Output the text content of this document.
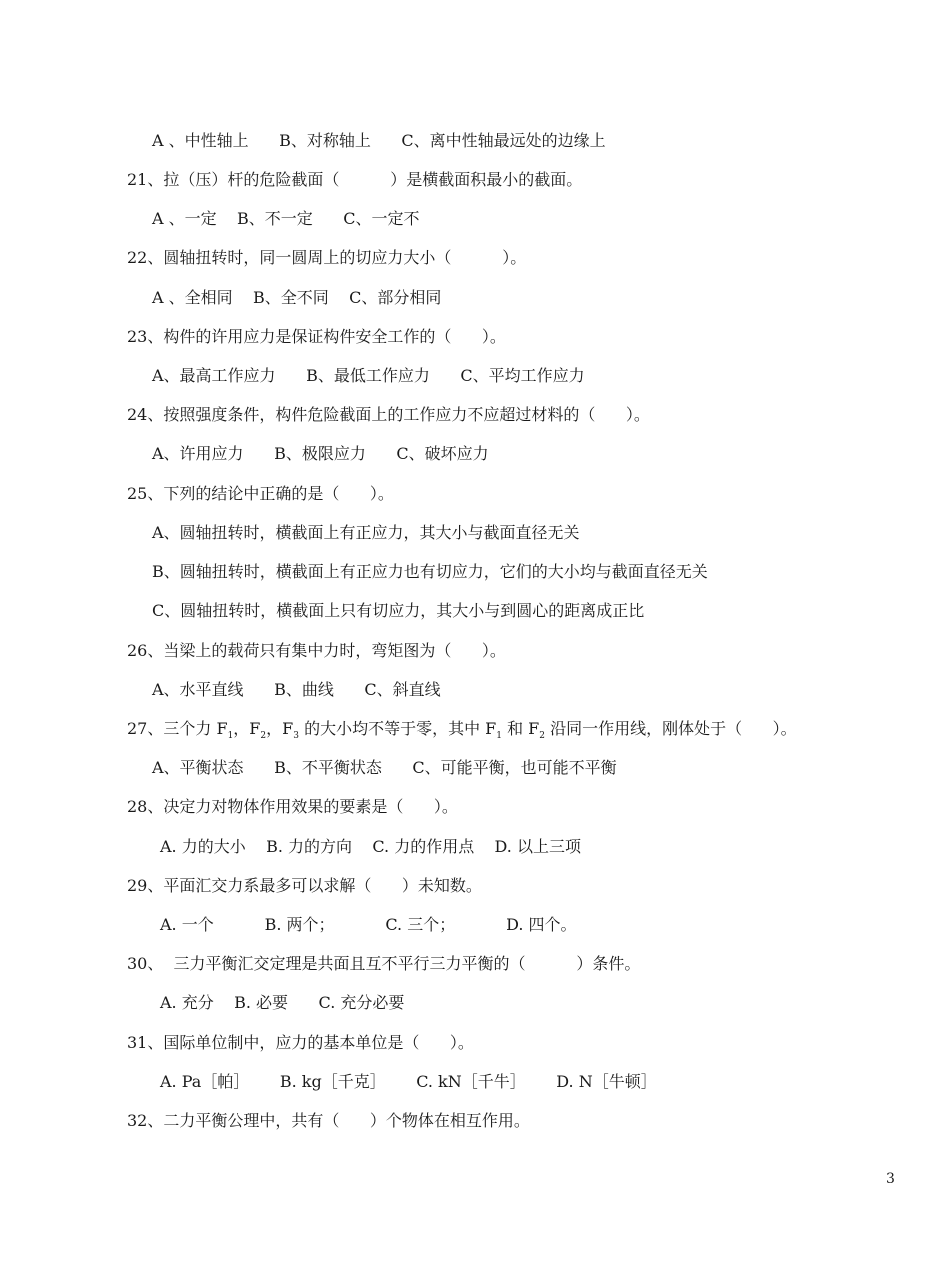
A 、中性轴上      B、对称轴上      C、离中性轴最远处的边缘上
21、拉（压）杆的危险截面（          ）是横截面积最小的截面。
A 、一定    B、不一定      C、一定不
22、圆轴扭转时，同一圆周上的切应力大小（          ）。
A 、全相同    B、全不同    C、部分相同
23、构件的许用应力是保证构件安全工作的（      ）。
A、最高工作应力      B、最低工作应力      C、平均工作应力
24、按照强度条件，构件危险截面上的工作应力不应超过材料的（      ）。
A、许用应力      B、极限应力      C、破坏应力
25、下列的结论中正确的是（      ）。
A、圆轴扭转时，横截面上有正应力，其大小与截面直径无关
B、圆轴扭转时，横截面上有正应力也有切应力，它们的大小均与截面直径无关
C、圆轴扭转时，横截面上只有切应力，其大小与到圆心的距离成正比
26、当梁上的载荷只有集中力时，弯矩图为（      ）。
A、水平直线      B、曲线      C、斜直线
27、三个力 $F_1$，$F_2$，$F_3$ 的大小均不等于零，其中 $F_1$ 和 $F_2$ 沿同一作用线，刚体处于（      ）。
A、平衡状态      B、不平衡状态      C、可能平衡，也可能不平衡
28、决定力对物体作用效果的要素是（      ）。
A. 力的大小    B. 力的方向    C. 力的作用点    D. 以上三项
29、平面汇交力系最多可以求解（      ）未知数。
A. 一个          B. 两个；          C. 三个；          D. 四个。
30、  三力平衡汇交定理是共面且互不平行三力平衡的（          ）条件。
A. 充分    B. 必要      C. 充分必要
31、国际单位制中，应力的基本单位是（      ）。
A. Pa［帕］      B. kg［千克］      C. kN［千牛］      D. N［牛顿］
32、二力平衡公理中，共有（      ）个物体在相互作用。
3
